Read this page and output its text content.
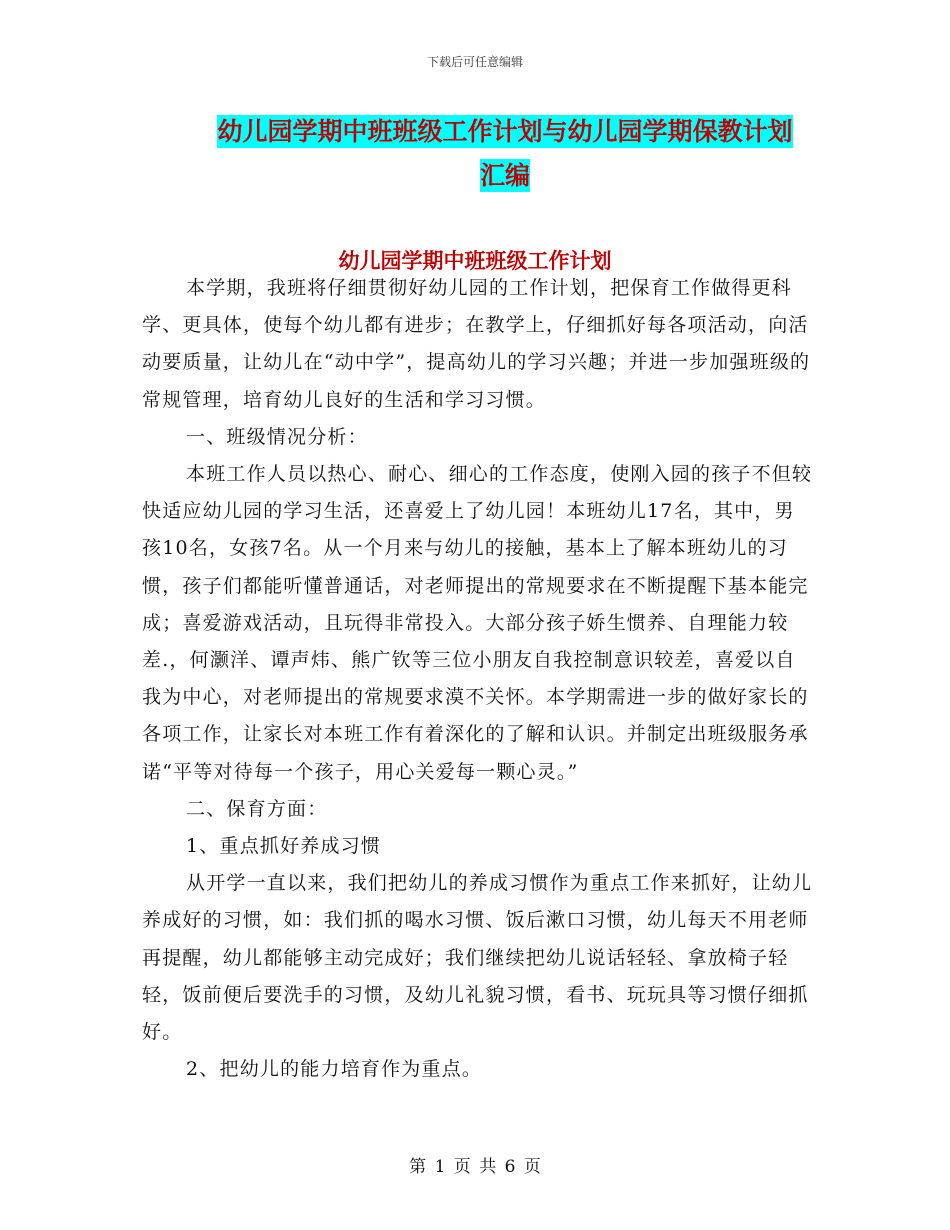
下载后可任意编辑
幼儿园学期中班班级工作计划与幼儿园学期保教计划
汇编
幼儿园学期中班班级工作计划

本学期，我班将仔细贯彻好幼儿园的工作计划，把保育工作做得更科学、更具体，使每个幼儿都有进步；在教学上，仔细抓好每各项活动，向活动要质量，让幼儿在“动中学”，提高幼儿的学习兴趣；并进一步加强班级的常规管理，培育幼儿良好的生活和学习习惯。

一、班级情况分析：

本班工作人员以热心、耐心、细心的工作态度，使刚入园的孩子不但较快适应幼儿园的学习生活，还喜爱上了幼儿园！本班幼儿17名，其中，男孩10名，女孩7名。从一个月来与幼儿的接触，基本上了解本班幼儿的习惯，孩子们都能听懂普通话，对老师提出的常规要求在不断提醒下基本能完成；喜爱游戏活动，且玩得非常投入。大部分孩子娇生惯养、自理能力较差.，何灏洋、谭声炜、熊广钦等三位小朋友自我控制意识较差，喜爱以自我为中心，对老师提出的常规要求漠不关怀。本学期需进一步的做好家长的各项工作，让家长对本班工作有着深化的了解和认识。并制定出班级服务承诺“平等对待每一个孩子，用心关爱每一颗心灵。”

二、保育方面：

1、重点抓好养成习惯

从开学一直以来，我们把幼儿的养成习惯作为重点工作来抓好，让幼儿养成好的习惯，如：我们抓的喝水习惯、饭后漱口习惯，幼儿每天不用老师再提醒，幼儿都能够主动完成好；我们继续把幼儿说话轻轻、拿放椅子轻轻，饭前便后要洗手的习惯，及幼儿礼貌习惯，看书、玩玩具等习惯仔细抓好。

2、把幼儿的能力培育作为重点。

第 1 页 共 6 页
